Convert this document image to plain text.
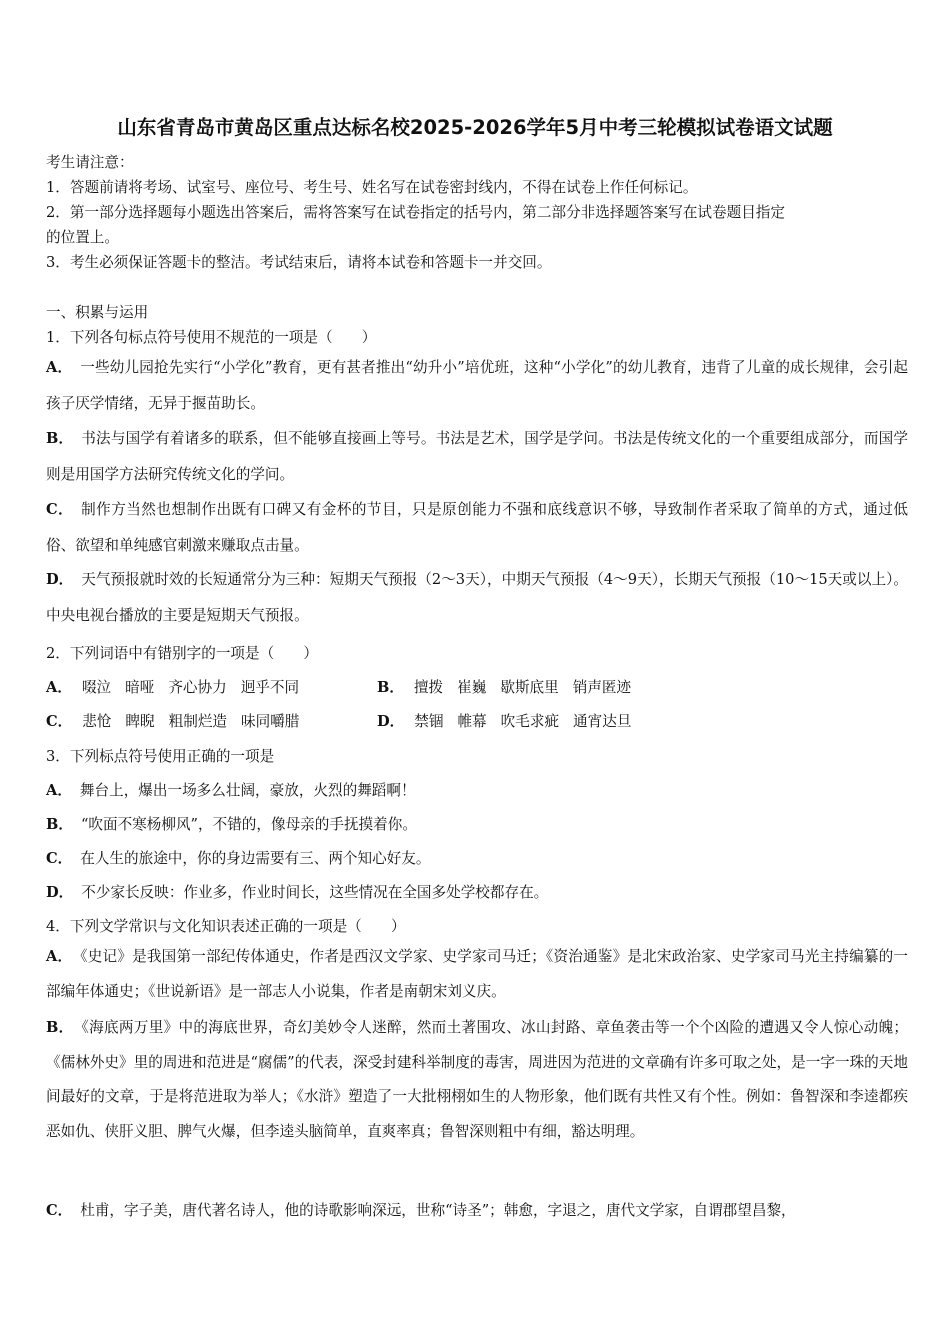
山东省青岛市黄岛区重点达标名校2025-2026学年5月中考三轮模拟试卷语文试题
考生请注意：
1．答题前请将考场、试室号、座位号、考生号、姓名写在试卷密封线内，不得在试卷上作任何标记。
2．第一部分选择题每小题选出答案后，需将答案写在试卷指定的括号内，第二部分非选择题答案写在试卷题目指定
的位置上。
3．考生必须保证答题卡的整洁。考试结束后，请将本试卷和答题卡一并交回。
一、积累与运用
1．下列各句标点符号使用不规范的一项是（　　）
A． 一些幼儿园抢先实行“小学化”教育，更有甚者推出“幼升小”培优班，这种“小学化”的幼儿教育，违背了儿童的成长规律，会引起孩子厌学情绪，无异于揠苗助长。
B． 书法与国学有着诸多的联系，但不能够直接画上等号。书法是艺术，国学是学问。书法是传统文化的一个重要组成部分，而国学则是用国学方法研究传统文化的学问。
C． 制作方当然也想制作出既有口碑又有金杯的节目，只是原创能力不强和底线意识不够，导致制作者采取了简单的方式，通过低俗、欲望和单纯感官刺激来赚取点击量。
D． 天气预报就时效的长短通常分为三种：短期天气预报（2～3天），中期天气预报（4～9天），长期天气预报（10～15天或以上）。中央电视台播放的主要是短期天气预报。
2．下列词语中有错别字的一项是（　　）
A． 啜泣 暗哑 齐心协力 迥乎不同	B． 擅拨 崔巍 歇斯底里 销声匿迹
C． 悲怆 睥睨 粗制烂造 味同嚼腊	D． 禁锢 帷幕 吹毛求疵 通宵达旦
3．下列标点符号使用正确的一项是
A． 舞台上，爆出一场多么壮阔，豪放，火烈的舞蹈啊！
B． “吹面不寒杨柳风”，不错的，像母亲的手抚摸着你。
C． 在人生的旅途中，你的身边需要有三、两个知心好友。
D． 不少家长反映：作业多，作业时间长，这些情况在全国多处学校都存在。
4．下列文学常识与文化知识表述正确的一项是（　　）
A． 《史记》是我国第一部纪传体通史，作者是西汉文学家、史学家司马迁；《资治通鉴》是北宋政治家、史学家司马光主持编纂的一部编年体通史；《世说新语》是一部志人小说集，作者是南朝宋刘义庆。
B． 《海底两万里》中的海底世界，奇幻美妙令人迷醉，然而土著围攻、冰山封路、章鱼袭击等一个个凶险的遭遇又令人惊心动魄；《儒林外史》里的周进和范进是“腐儒”的代表，深受封建科举制度的毒害，周进因为范进的文章确有许多可取之处，是一字一珠的天地间最好的文章，于是将范进取为举人；《水浒》塑造了一大批栩栩如生的人物形象，他们既有共性又有个性。例如：鲁智深和李逵都疾恶如仇、侠肝义胆、脾气火爆，但李逵头脑简单，直爽率真；鲁智深则粗中有细，豁达明理。
C． 杜甫，字子美，唐代著名诗人，他的诗歌影响深远，世称“诗圣”；韩愈，字退之，唐代文学家，自谓郡望昌黎，
